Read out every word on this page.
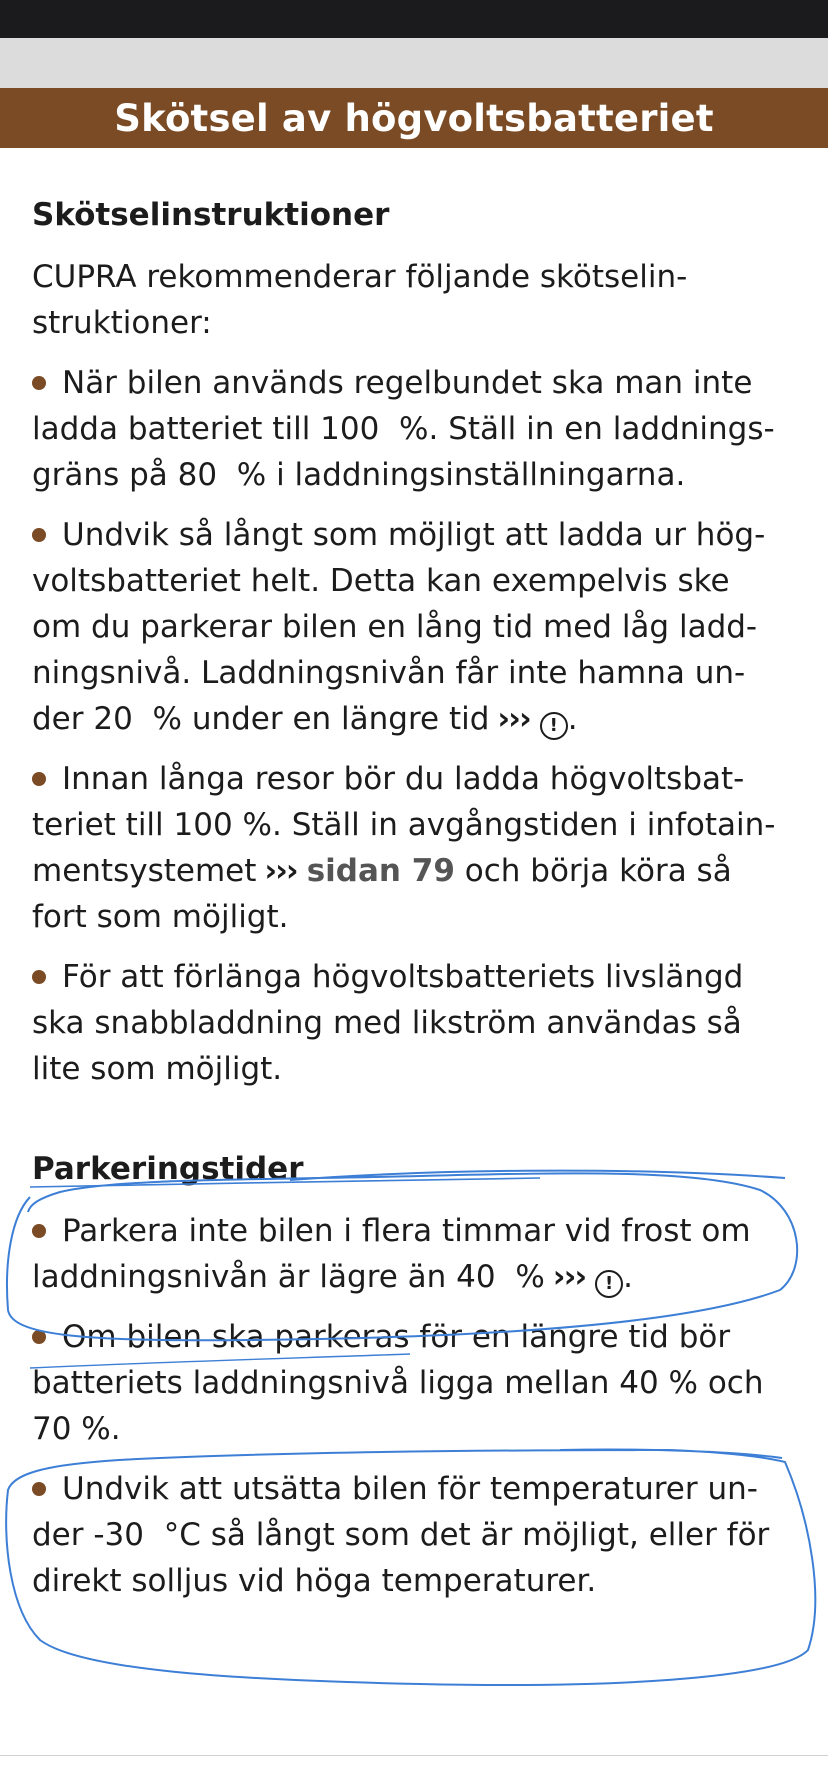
Skötsel av högvoltsbatteriet
Skötselinstruktioner
CUPRA rekommenderar följande skötselin-
struktioner:
När bilen används regelbundet ska man inte
ladda batteriet till 100  %. Ställ in en laddnings-
gräns på 80  % i laddningsinställningarna.
Undvik så långt som möjligt att ladda ur hög-
voltsbatteriet helt. Detta kan exempelvis ske
om du parkerar bilen en lång tid med låg ladd-
ningsnivå. Laddningsnivån får inte hamna un-
der 20  % under en längre tid ››› ! .
Innan långa resor bör du ladda högvoltsbat-
teriet till 100 %. Ställ in avgångstiden i infotain-
mentsystemet ››› sidan 79 och börja köra så
fort som möjligt.
För att förlänga högvoltsbatteriets livslängd
ska snabbladdning med likström användas så
lite som möjligt.
Parkeringstider
Parkera inte bilen i flera timmar vid frost om
laddningsnivån är lägre än 40  % ››› ! .
Om bilen ska parkeras för en längre tid bör
batteriets laddningsnivå ligga mellan 40 % och
70 %.
Undvik att utsätta bilen för temperaturer un-
der -30  °C så långt som det är möjligt, eller för
direkt solljus vid höga temperaturer.
